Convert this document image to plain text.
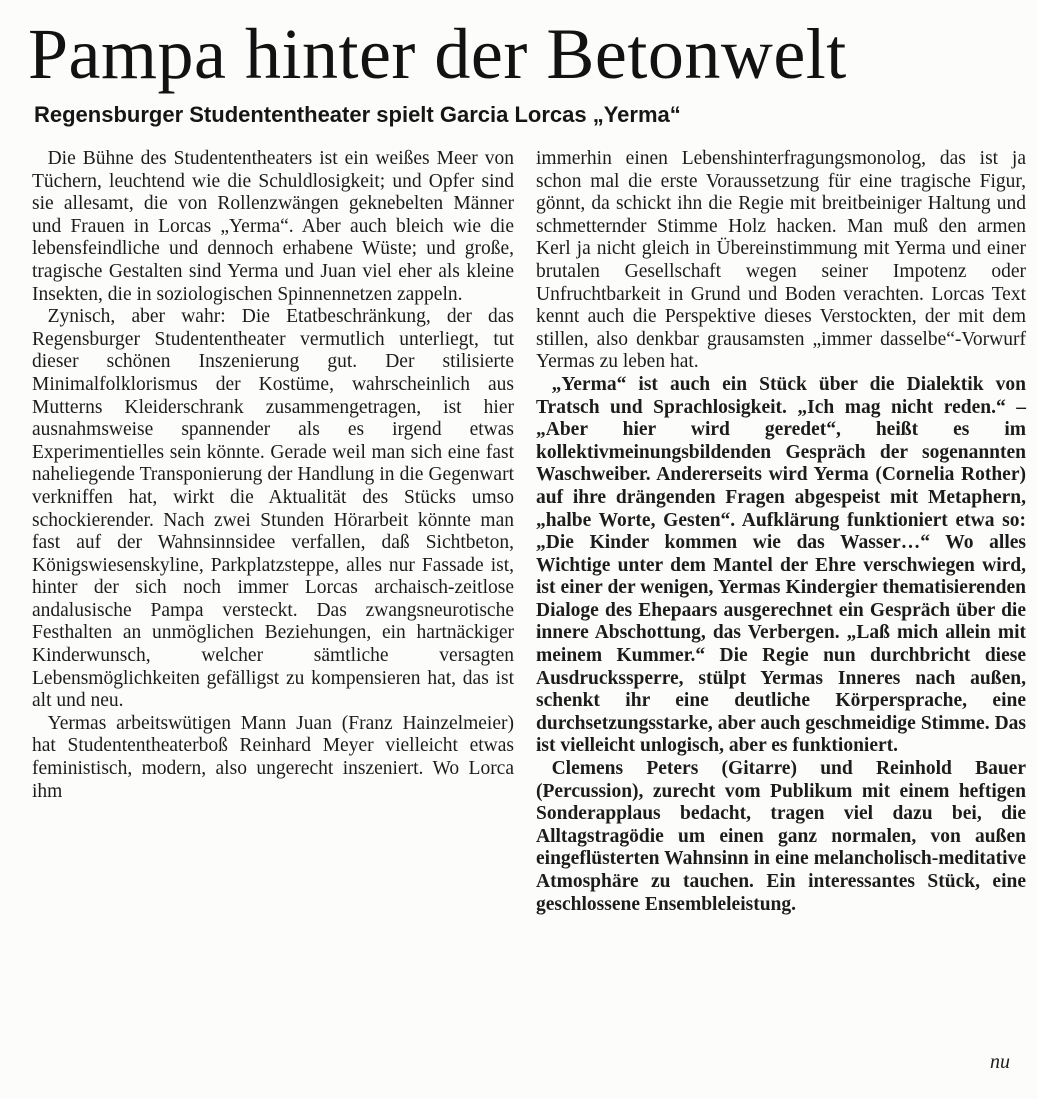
Pampa hinter der Betonwelt
Regensburger Studententheater spielt Garcia Lorcas „Yerma“

Die Bühne des Studententheaters ist ein weißes Meer von Tüchern, leuchtend wie die Schuldlosigkeit; und Opfer sind sie allesamt, die von Rollenzwängen geknebelten Männer und Frauen in Lorcas „Yerma“. Aber auch bleich wie die lebensfeindliche und dennoch erhabene Wüste; und große, tragische Gestalten sind Yerma und Juan viel eher als kleine Insekten, die in soziologischen Spinnennetzen zappeln.

Zynisch, aber wahr: Die Etatbeschränkung, der das Regensburger Studententheater vermutlich unterliegt, tut dieser schönen Inszenierung gut. Der stilisierte Minimalfolklorismus der Kostüme, wahrscheinlich aus Mutterns Kleiderschrank zusammengetragen, ist hier ausnahmsweise spannender als es irgend etwas Experimentielles sein könnte. Gerade weil man sich eine fast naheliegende Transponierung der Handlung in die Gegenwart verkniffen hat, wirkt die Aktualität des Stücks umso schockierender. Nach zwei Stunden Hörarbeit könnte man fast auf der Wahnsinnsidee verfallen, daß Sichtbeton, Königswiesenskyline, Parkplatzsteppe, alles nur Fassade ist, hinter der sich noch immer Lorcas archaisch-zeitlose andalusische Pampa versteckt. Das zwangsneurotische Festhalten an unmöglichen Beziehungen, ein hartnäckiger Kinderwunsch, welcher sämtliche versagten Lebensmöglichkeiten gefälligst zu kompensieren hat, das ist alt und neu.

Yermas arbeitswütigen Mann Juan (Franz Hainzelmeier) hat Studententheaterboß Reinhard Meyer vielleicht etwas feministisch, modern, also ungerecht inszeniert. Wo Lorca ihm

immerhin einen Lebenshinterfragungsmonolog, das ist ja schon mal die erste Voraussetzung für eine tragische Figur, gönnt, da schickt ihn die Regie mit breitbeiniger Haltung und schmetternder Stimme Holz hacken. Man muß den armen Kerl ja nicht gleich in Übereinstimmung mit Yerma und einer brutalen Gesellschaft wegen seiner Impotenz oder Unfruchtbarkeit in Grund und Boden verachten. Lorcas Text kennt auch die Perspektive dieses Verstockten, der mit dem stillen, also denkbar grausamsten „immer dasselbe“-Vorwurf Yermas zu leben hat.

„Yerma“ ist auch ein Stück über die Dialektik von Tratsch und Sprachlosigkeit. „Ich mag nicht reden.“ – „Aber hier wird geredet“, heißt es im kollektivmeinungsbildenden Gespräch der sogenannten Waschweiber. Andererseits wird Yerma (Cornelia Rother) auf ihre drängenden Fragen abgespeist mit Metaphern, „halbe Worte, Gesten“. Aufklärung funktioniert etwa so: „Die Kinder kommen wie das Wasser…“ Wo alles Wichtige unter dem Mantel der Ehre verschwiegen wird, ist einer der wenigen, Yermas Kindergier thematisierenden Dialoge des Ehepaars ausgerechnet ein Gespräch über die innere Abschottung, das Verbergen. „Laß mich allein mit meinem Kummer.“ Die Regie nun durchbricht diese Ausdruckssperre, stülpt Yermas Inneres nach außen, schenkt ihr eine deutliche Körpersprache, eine durchsetzungsstarke, aber auch geschmeidige Stimme. Das ist vielleicht unlogisch, aber es funktioniert.

Clemens Peters (Gitarre) und Reinhold Bauer (Percussion), zurecht vom Publikum mit einem heftigen Sonderapplaus bedacht, tragen viel dazu bei, die Alltagstragödie um einen ganz normalen, von außen eingeflüsterten Wahnsinn in eine melancholisch-meditative Atmosphäre zu tauchen. Ein interessantes Stück, eine geschlossene Ensembleleistung.

nu
